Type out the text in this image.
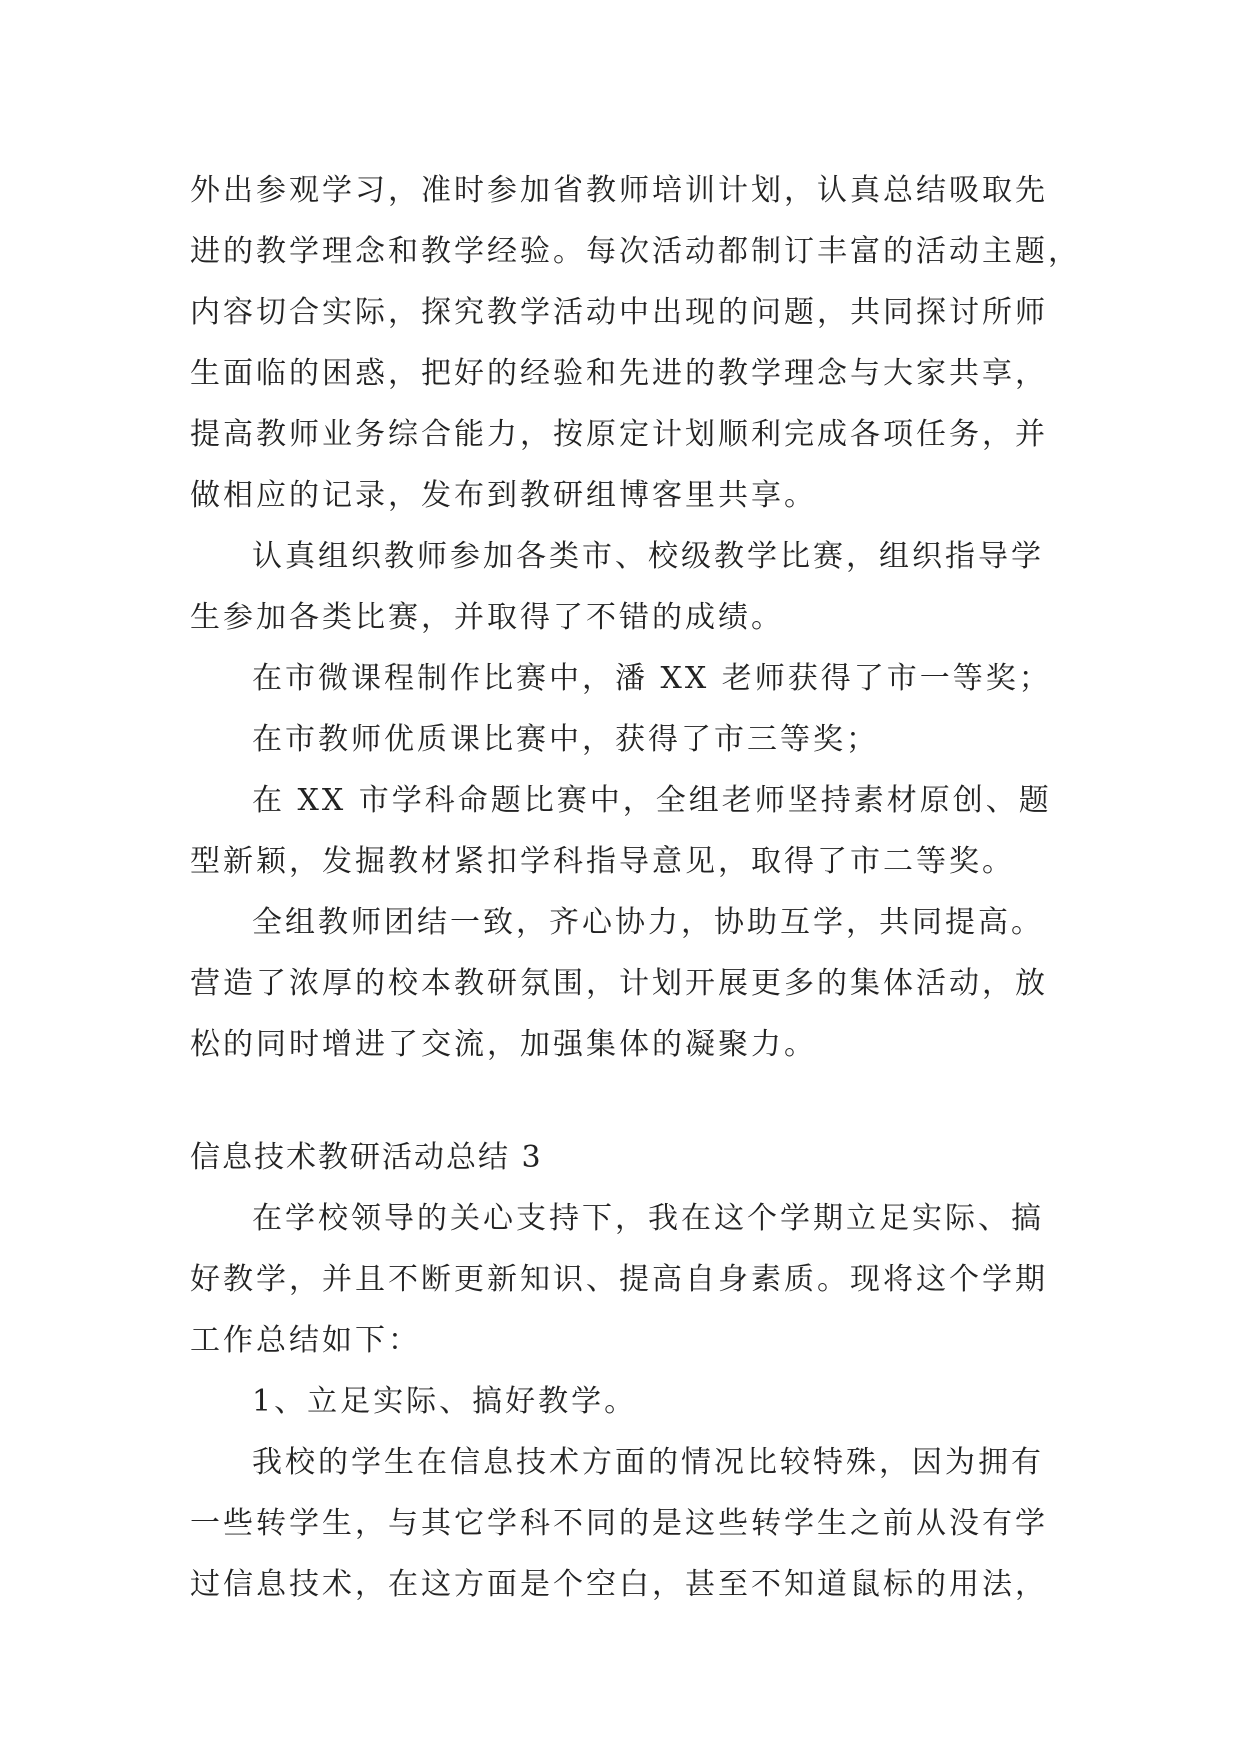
外出参观学习，准时参加省教师培训计划，认真总结吸取先
进的教学理念和教学经验。每次活动都制订丰富的活动主题，
内容切合实际，探究教学活动中出现的问题，共同探讨所师
生面临的困惑，把好的经验和先进的教学理念与大家共享，
提高教师业务综合能力，按原定计划顺利完成各项任务，并
做相应的记录，发布到教研组博客里共享。
认真组织教师参加各类市、校级教学比赛，组织指导学
生参加各类比赛，并取得了不错的成绩。
在市微课程制作比赛中，潘 XX 老师获得了市一等奖；
在市教师优质课比赛中，获得了市三等奖；
在 XX 市学科命题比赛中，全组老师坚持素材原创、题
型新颖，发掘教材紧扣学科指导意见，取得了市二等奖。
全组教师团结一致，齐心协力，协助互学，共同提高。
营造了浓厚的校本教研氛围，计划开展更多的集体活动，放
松的同时增进了交流，加强集体的凝聚力。
信息技术教研活动总结 3
在学校领导的关心支持下，我在这个学期立足实际、搞
好教学，并且不断更新知识、提高自身素质。现将这个学期
工作总结如下：
1、立足实际、搞好教学。
我校的学生在信息技术方面的情况比较特殊，因为拥有
一些转学生，与其它学科不同的是这些转学生之前从没有学
过信息技术，在这方面是个空白，甚至不知道鼠标的用法，
